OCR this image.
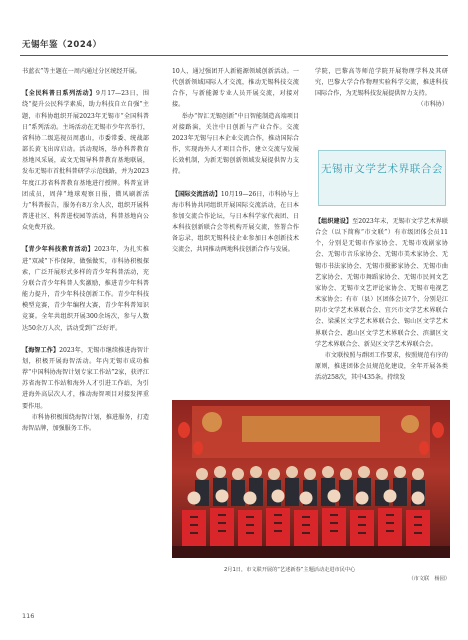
无锡年鉴（2024）

书蓝衣”等主题在一周内通过分区统经开展。

【全民科普日系列活动】9月17—23日，围绕“提升公民科学素质，助力科技自立自强”主题，市科协组织开展2023年无锡市“全国科普日”系列活动。主场活动在无锡市少年宫举行，省科协二级巡视员周惠山，市委常委、统战部部长黄飞出席启动。活动现场，举办科普教育基地风采展，或文无锡导科普教育基地联展，发布无锡市首批科普研学示范线路，并为2023年度江苏省科普教育基地进行授牌。科普宣讲团成员，周萍“地球观察日报，微风刷新活力”科普报告，服务有8万余人次，组织开展科普进社区、科普进校园等活动，科普基地向公众免费开放。

【青少年科技教育活动】2023年，为扎实推进“双减”下作保障，做强做实，市科协积极探索，广泛开展形式多样的青少年科普活动，充分联合青少年科普人奖激励，推进青少年科普能力提升，青少年科技创新工作。青少年科技模型竞赛，青少年编程大赛，青少年科普知识竞赛。全年共组织开展300余场次，参与人数达50余万人次，活动受到广泛好评。

【海智工作】2023年，无锡市继续推进海智计划，积极开展海智活动。年内无锡市成功推荐“中国科协海智计划专家工作站”2家，获评江苏省海智工作站和海外人才引进工作站，为引进海外高层次人才，推动海智项目对接发挥重要作用。

市科协积极围绕海智计划，推进服务，打造海智品牌，加强服务工作。

10人，通过强团开人新能源领域创新活动。一代创新领域国际人才交流，推动无锡科技交流合作，与新能源专业人员开展交流，对接对接。

举办“智汇无锡创新”中日智能制造高端项目对接路演，关注中日创新与产业合作。交流2023年无锡与日本企业交流合作，推动国际合作，实现海外人才项目合作，建立交流与发展长效机制，为新无锡创新领域发展提供智力支持。

【国际交流活动】10月19—26日，市科协与上海市科协共同组织开展国际交流活动，在日本参加交流合作论坛，与日本科学家代表团、日本科技创新联合会等机构开展交流，签署合作备忘录，组织无锡科技企业参加日本创新技术交流会，共同推动两地科技创新合作与发展。

学院，巴黎高等师范学院开展物理学科及其研究，巴黎大学合作物理实验科学交流，推进科技国际合作，为无锡科技发展提供智力支持。

（市科协）

无锡市文学艺术界联合会

【组织建设】至2023年末，无锡市文学艺术界联合会（以下简称“市文联”）有市级团体会员11个，分别是无锡市作家协会、无锡市戏剧家协会、无锡市音乐家协会、无锡市美术家协会、无锡市书法家协会、无锡市摄影家协会、无锡市曲艺家协会、无锡市舞蹈家协会、无锡市民间文艺家协会、无锡市文艺评论家协会、无锡市电视艺术家协会；有市（县）区团体会员7个，分别是江阴市文学艺术界联合会、宜兴市文学艺术界联合会、梁溪区文学艺术界联合会、锡山区文学艺术界联合会、惠山区文学艺术界联合会、滨湖区文学艺术界联合会、新吴区文学艺术界联合会。

市文联按照与群团工作要求，按照规范有序的原则，推进团体会员规范化建设，全年开展各类活动258次，其中435条。持续发

2月1日，市文联开展的“艺述新春”主题活动走进市民中心
（市文联　杨园）
116
